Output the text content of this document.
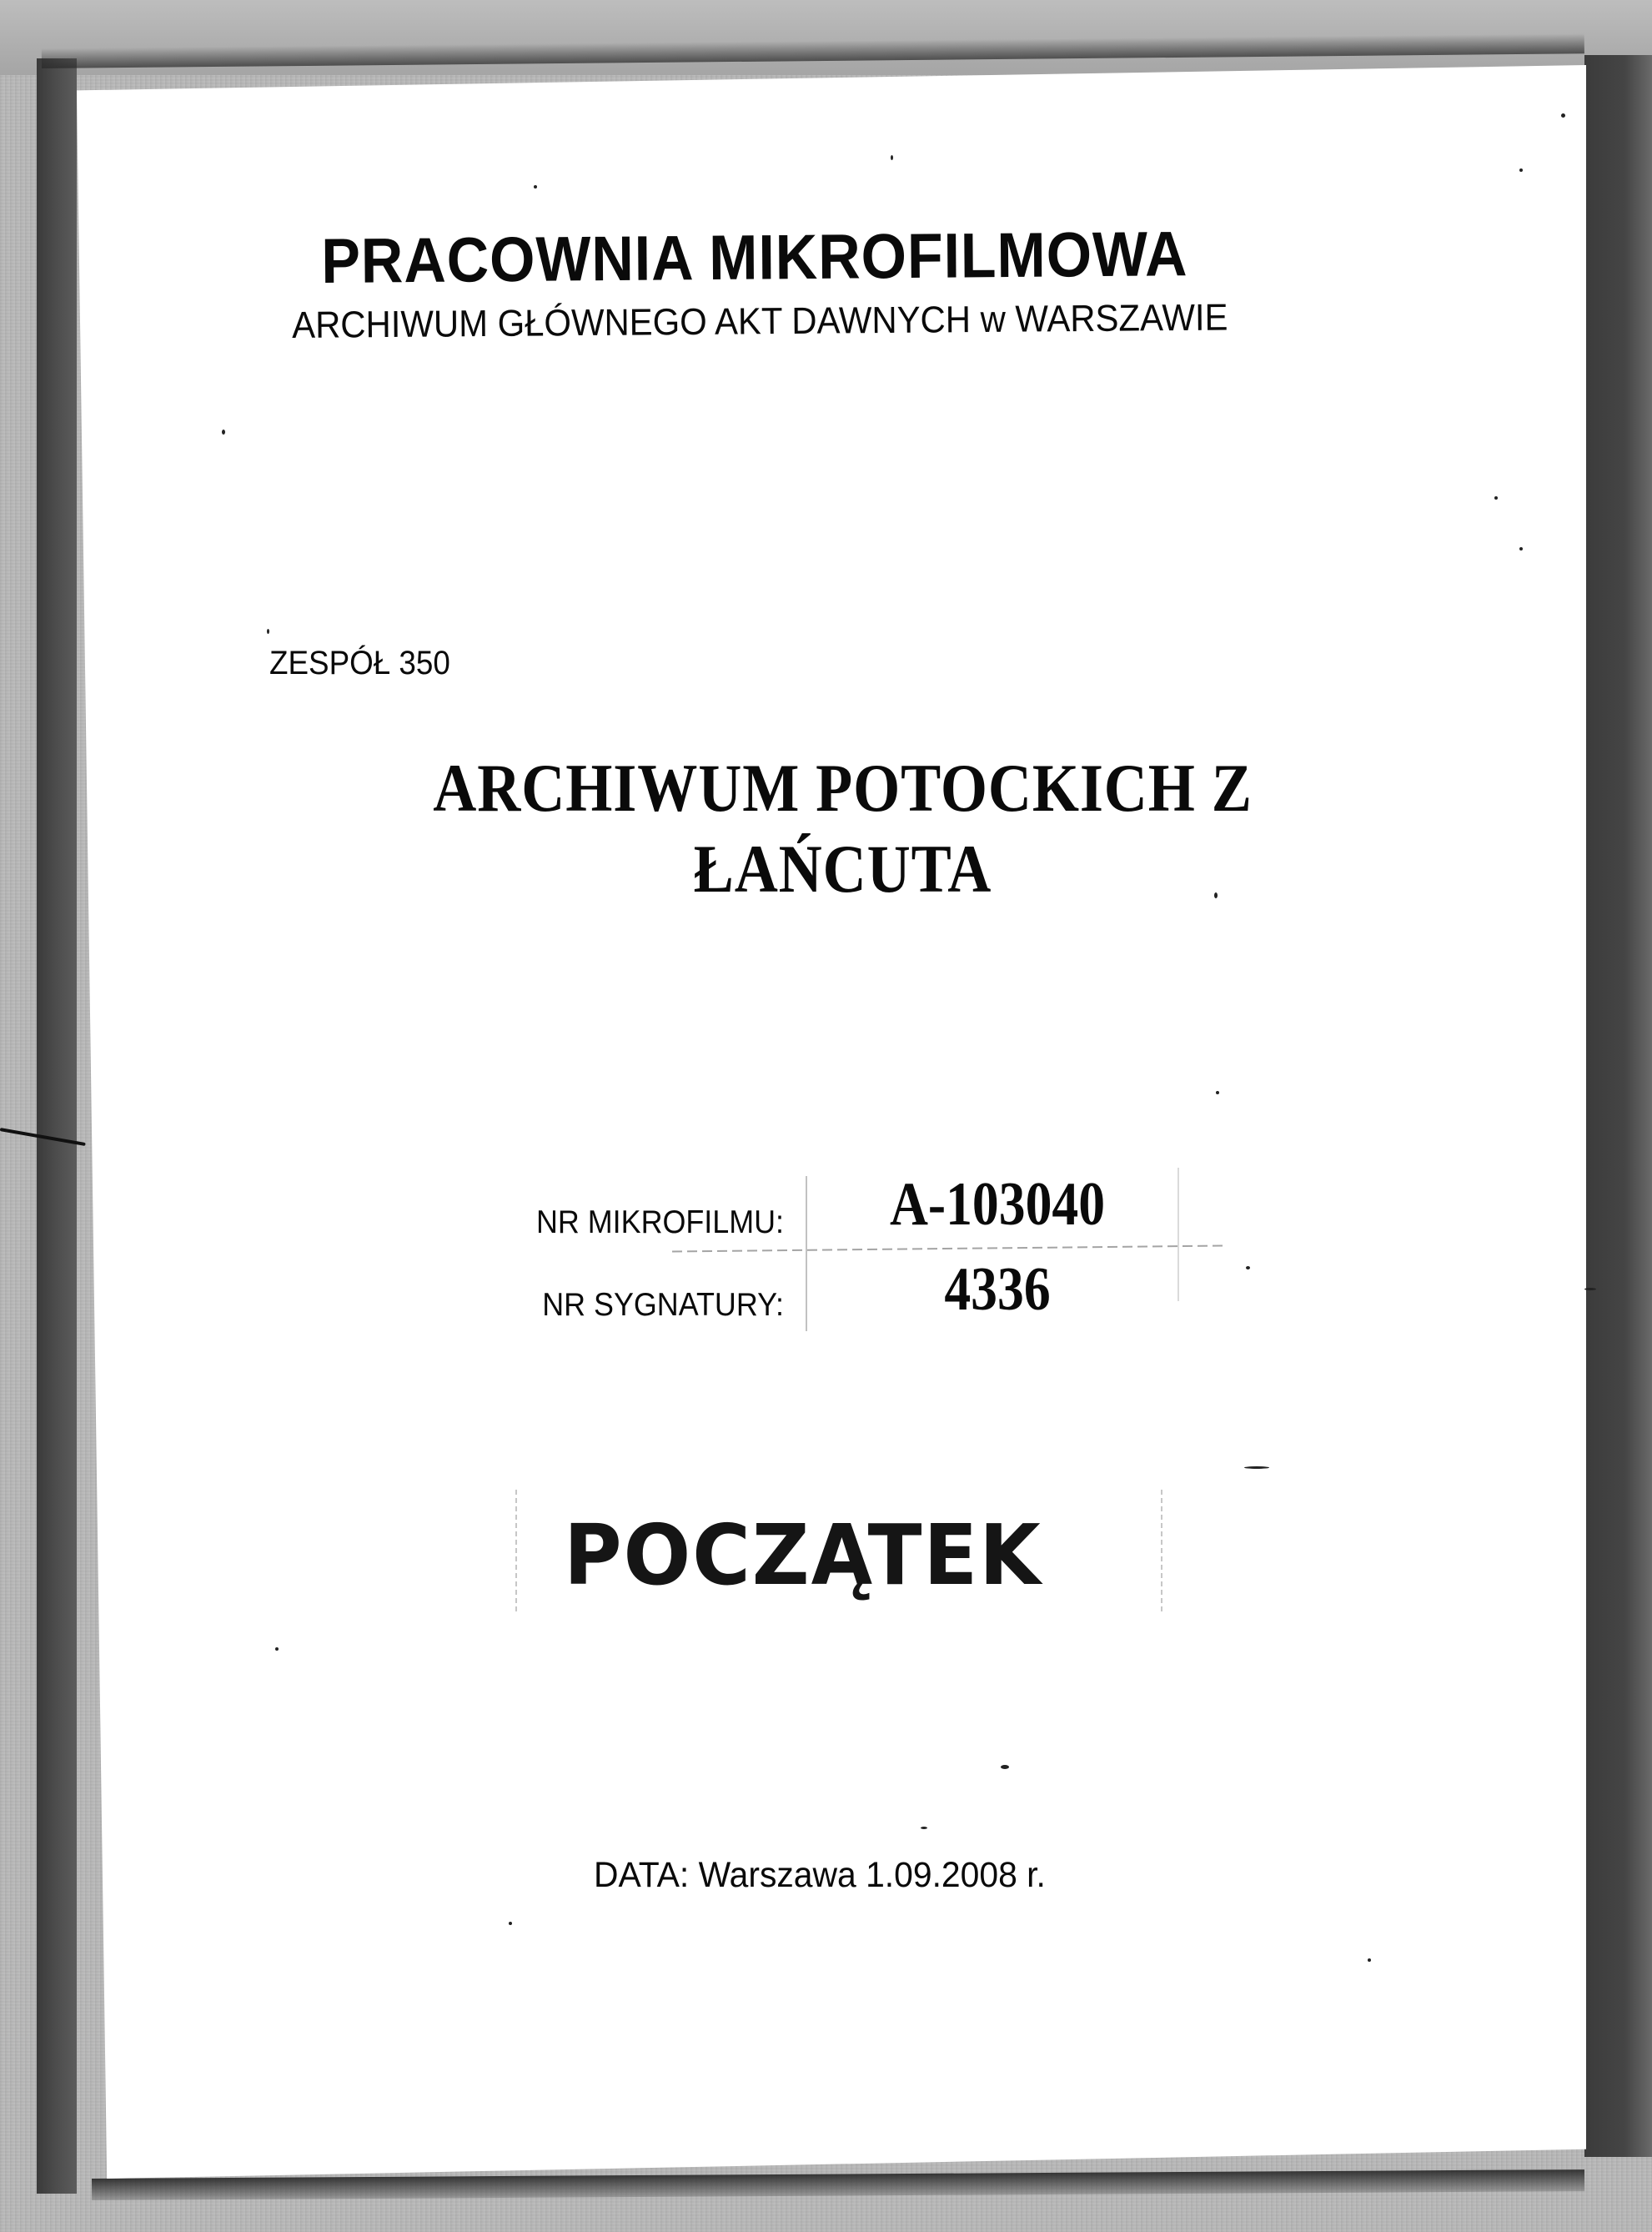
PRACOWNIA MIKROFILMOWA
ARCHIWUM GŁÓWNEGO AKT DAWNYCH w WARSZAWIE
ZESPÓŁ 350
ARCHIWUM POTOCKICH Z
ŁAŃCUTA
NR MIKROFILMU:	A-103040
NR SYGNATURY:	4336
POCZĄTEK
DATA: Warszawa 1.09.2008 r.
